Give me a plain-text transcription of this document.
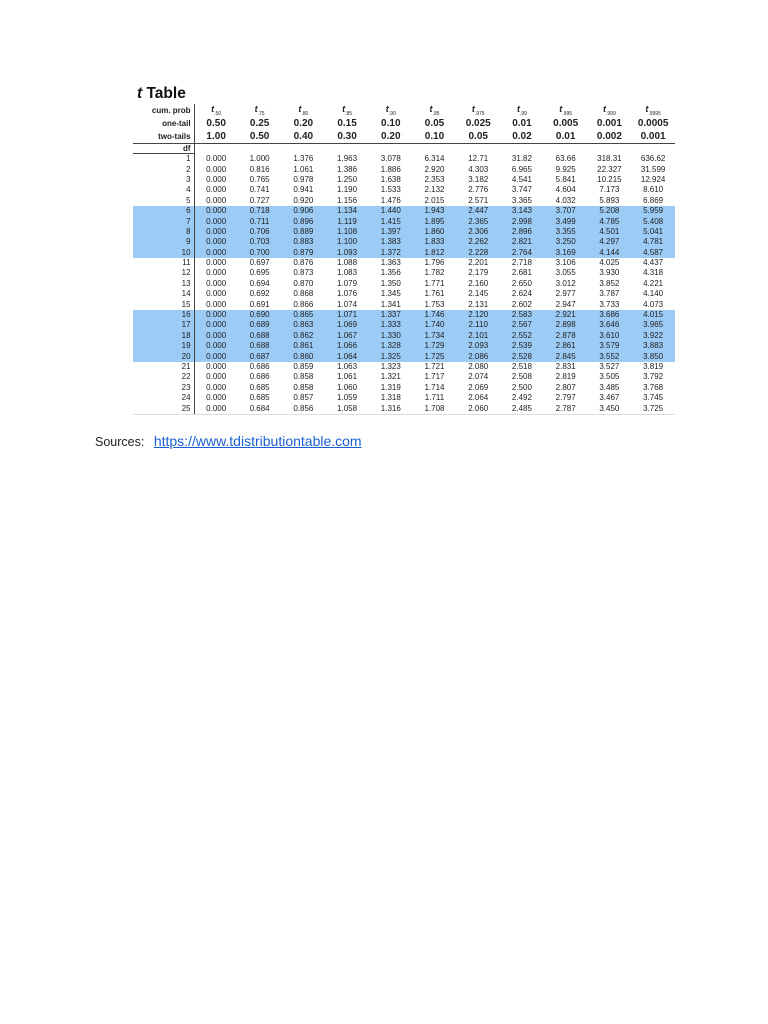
t Table
cum. prob	$t_{.50}$	$t_{.75}$	$t_{.80}$	$t_{.85}$	$t_{.90}$	$t_{.95}$	$t_{.975}$	$t_{.99}$	$t_{.995}$	$t_{.999}$	$t_{.9995}$
one-tail	0.50	0.25	0.20	0.15	0.10	0.05	0.025	0.01	0.005	0.001	0.0005
two-tails	1.00	0.50	0.40	0.30	0.20	0.10	0.05	0.02	0.01	0.002	0.001
df											
1	0.000	1.000	1.376	1.963	3.078	6.314	12.71	31.82	63.66	318.31	636.62
2	0.000	0.816	1.061	1.386	1.886	2.920	4.303	6.965	9.925	22.327	31.599
3	0.000	0.765	0.978	1.250	1.638	2.353	3.182	4.541	5.841	10.215	12.924
4	0.000	0.741	0.941	1.190	1.533	2.132	2.776	3.747	4.604	7.173	8.610
5	0.000	0.727	0.920	1.156	1.476	2.015	2.571	3.365	4.032	5.893	6.869
6	0.000	0.718	0.906	1.134	1.440	1.943	2.447	3.143	3.707	5.208	5.959
7	0.000	0.711	0.896	1.119	1.415	1.895	2.365	2.998	3.499	4.785	5.408
8	0.000	0.706	0.889	1.108	1.397	1.860	2.306	2.896	3.355	4.501	5.041
9	0.000	0.703	0.883	1.100	1.383	1.833	2.262	2.821	3.250	4.297	4.781
10	0.000	0.700	0.879	1.093	1.372	1.812	2.228	2.764	3.169	4.144	4.587
11	0.000	0.697	0.876	1.088	1.363	1.796	2.201	2.718	3.106	4.025	4.437
12	0.000	0.695	0.873	1.083	1.356	1.782	2.179	2.681	3.055	3.930	4.318
13	0.000	0.694	0.870	1.079	1.350	1.771	2.160	2.650	3.012	3.852	4.221
14	0.000	0.692	0.868	1.076	1.345	1.761	2.145	2.624	2.977	3.787	4.140
15	0.000	0.691	0.866	1.074	1.341	1.753	2.131	2.602	2.947	3.733	4.073
16	0.000	0.690	0.865	1.071	1.337	1.746	2.120	2.583	2.921	3.686	4.015
17	0.000	0.689	0.863	1.069	1.333	1.740	2.110	2.567	2.898	3.646	3.965
18	0.000	0.688	0.862	1.067	1.330	1.734	2.101	2.552	2.878	3.610	3.922
19	0.000	0.688	0.861	1.066	1.328	1.729	2.093	2.539	2.861	3.579	3.883
20	0.000	0.687	0.860	1.064	1.325	1.725	2.086	2.528	2.845	3.552	3.850
21	0.000	0.686	0.859	1.063	1.323	1.721	2.080	2.518	2.831	3.527	3.819
22	0.000	0.686	0.858	1.061	1.321	1.717	2.074	2.508	2.819	3.505	3.792
23	0.000	0.685	0.858	1.060	1.319	1.714	2.069	2.500	2.807	3.485	3.768
24	0.000	0.685	0.857	1.059	1.318	1.711	2.064	2.492	2.797	3.467	3.745
25	0.000	0.684	0.856	1.058	1.316	1.708	2.060	2.485	2.787	3.450	3.725
Sources: https://www.tdistributiontable.com
